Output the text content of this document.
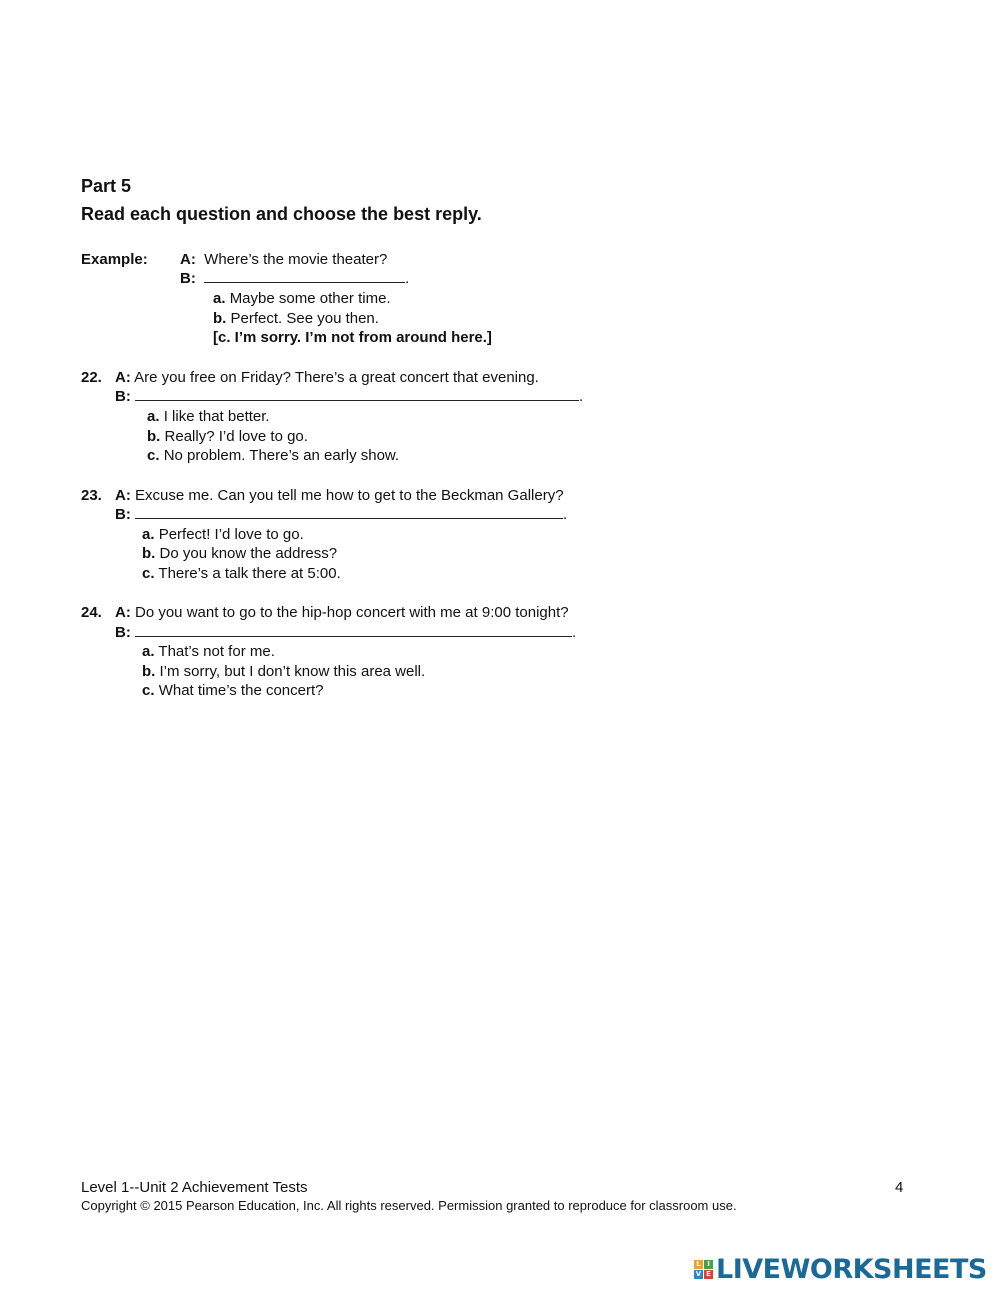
Part 5
Read each question and choose the best reply.
Example: A: Where’s the movie theater?
B:	.
a. Maybe some other time.
b. Perfect. See you then.
[c. I’m sorry. I’m not from around here.]
22. A: Are you free on Friday? There’s a great concert that evening.
B:	.
a. I like that better.
b. Really? I’d love to go.
c. No problem. There’s an early show.
23. A: Excuse me. Can you tell me how to get to the Beckman Gallery?
B:	.
a. Perfect! I’d love to go.
b. Do you know the address?
c. There’s a talk there at 5:00.
24. A: Do you want to go to the hip-hop concert with me at 9:00 tonight?
B:	.
a. That’s not for me.
b. I’m sorry, but I don’t know this area well.
c. What time’s the concert?
Level 1--Unit 2 Achievement Tests	4
Copyright © 2015 Pearson Education, Inc. All rights reserved. Permission granted to reproduce for classroom use.
L I
V E LIVEWORKSHEETS
